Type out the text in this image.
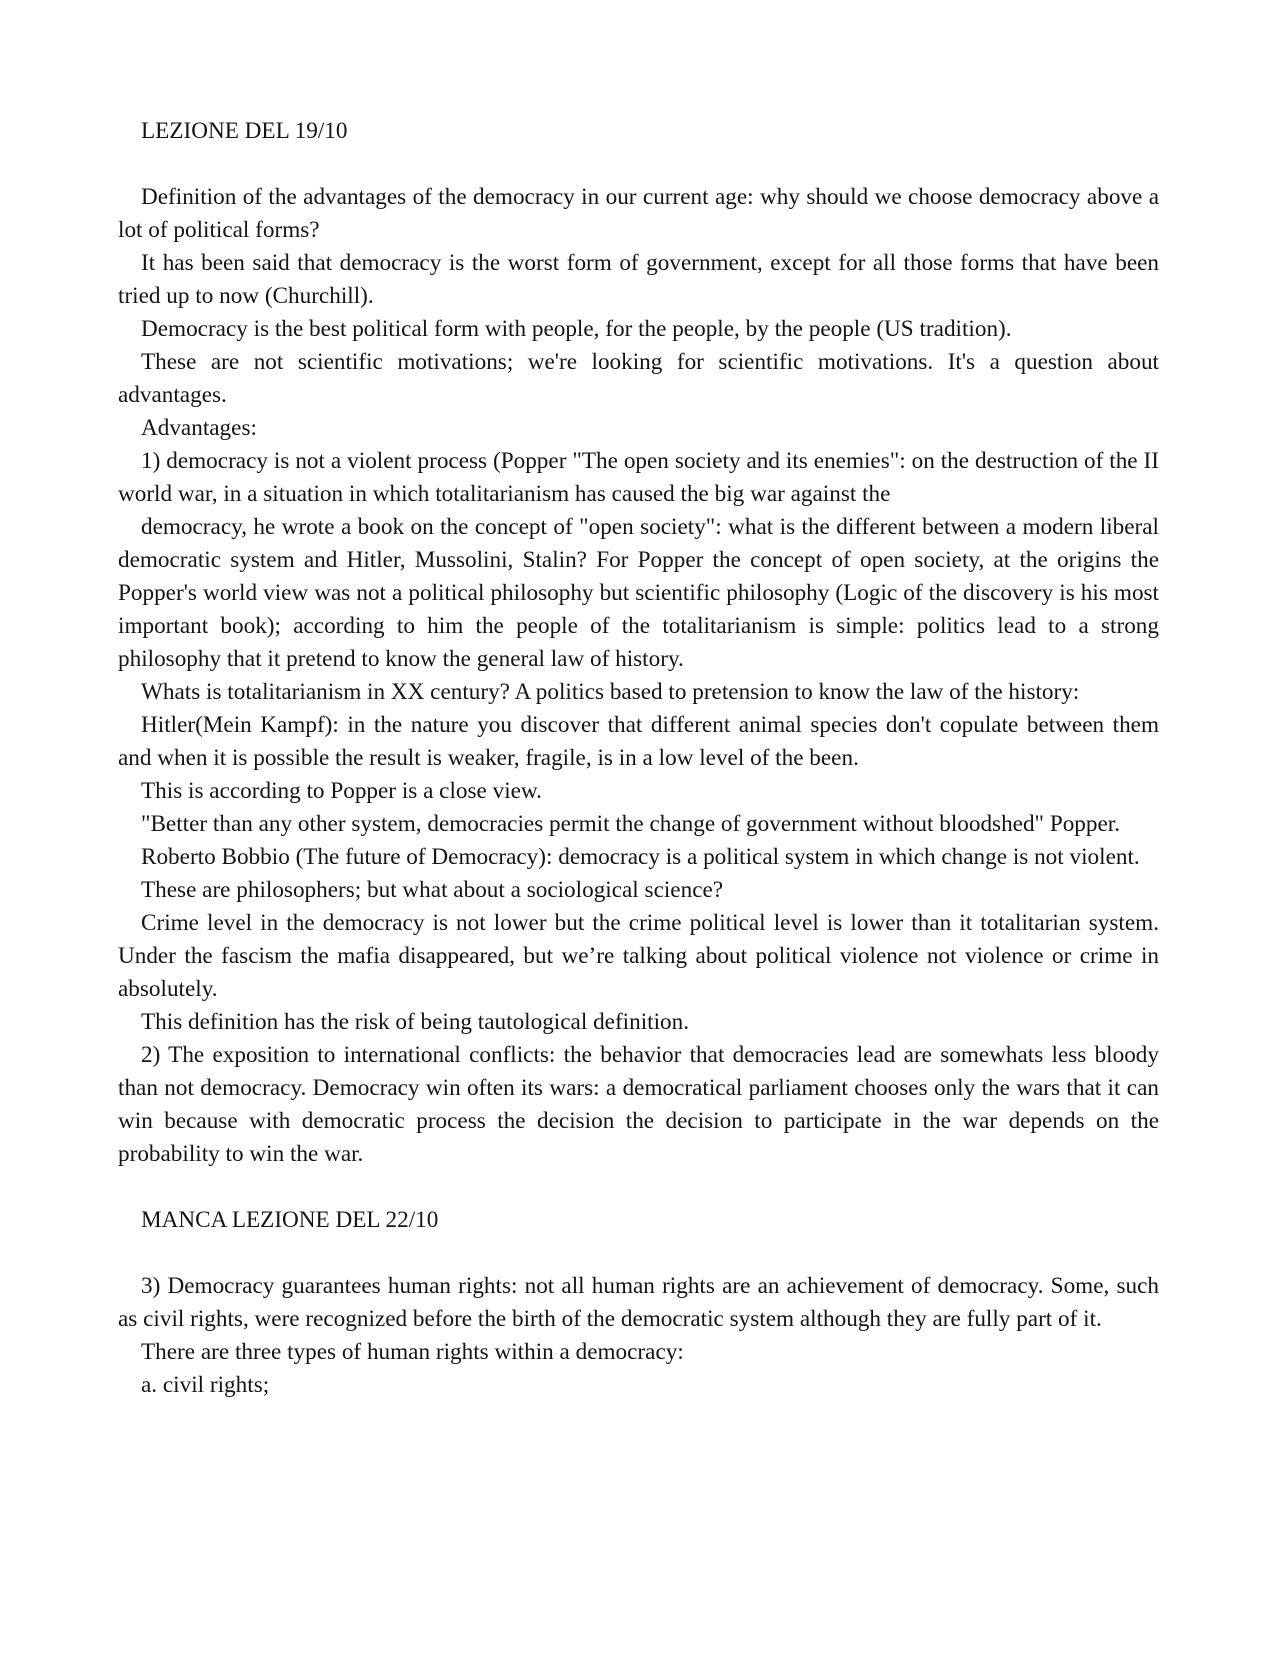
LEZIONE DEL 19/10

Definition of the advantages of the democracy in our current age: why should we choose democracy above a lot of political forms?

It has been said that democracy is the worst form of government, except for all those forms that have been tried up to now (Churchill).

Democracy is the best political form with people, for the people, by the people (US tradition).

These are not scientific motivations; we're looking for scientific motivations. It's a question about advantages.

Advantages:

1) democracy is not a violent process (Popper "The open society and its enemies": on the destruction of the II world war, in a situation in which totalitarianism has caused the big war against the

democracy, he wrote a book on the concept of "open society": what is the different between a modern liberal democratic system and Hitler, Mussolini, Stalin? For Popper the concept of open society, at the origins the Popper's world view was not a political philosophy but scientific philosophy (Logic of the discovery is his most important book); according to him the people of the totalitarianism is simple: politics lead to a strong philosophy that it pretend to know the general law of history.

Whats is totalitarianism in XX century? A politics based to pretension to know the law of the history:

Hitler(Mein Kampf): in the nature you discover that different animal species don't copulate between them and when it is possible the result is weaker, fragile, is in a low level of the been.

This is according to Popper is a close view.

"Better than any other system, democracies permit the change of government without bloodshed" Popper.

Roberto Bobbio (The future of Democracy): democracy is a political system in which change is not violent.

These are philosophers; but what about a sociological science?

Crime level in the democracy is not lower but the crime political level is lower than it totalitarian system. Under the fascism the mafia disappeared, but we’re talking about political violence not violence or crime in absolutely.

This definition has the risk of being tautological definition.

2) The exposition to international conflicts: the behavior that democracies lead are somewhats less bloody than not democracy. Democracy win often its wars: a democratical parliament chooses only the wars that it can win because with democratic process the decision the decision to participate in the war depends on the probability to win the war.

MANCA LEZIONE DEL 22/10

3) Democracy guarantees human rights: not all human rights are an achievement of democracy. Some, such as civil rights, were recognized before the birth of the democratic system although they are fully part of it.

There are three types of human rights within a democracy:

a. civil rights;
